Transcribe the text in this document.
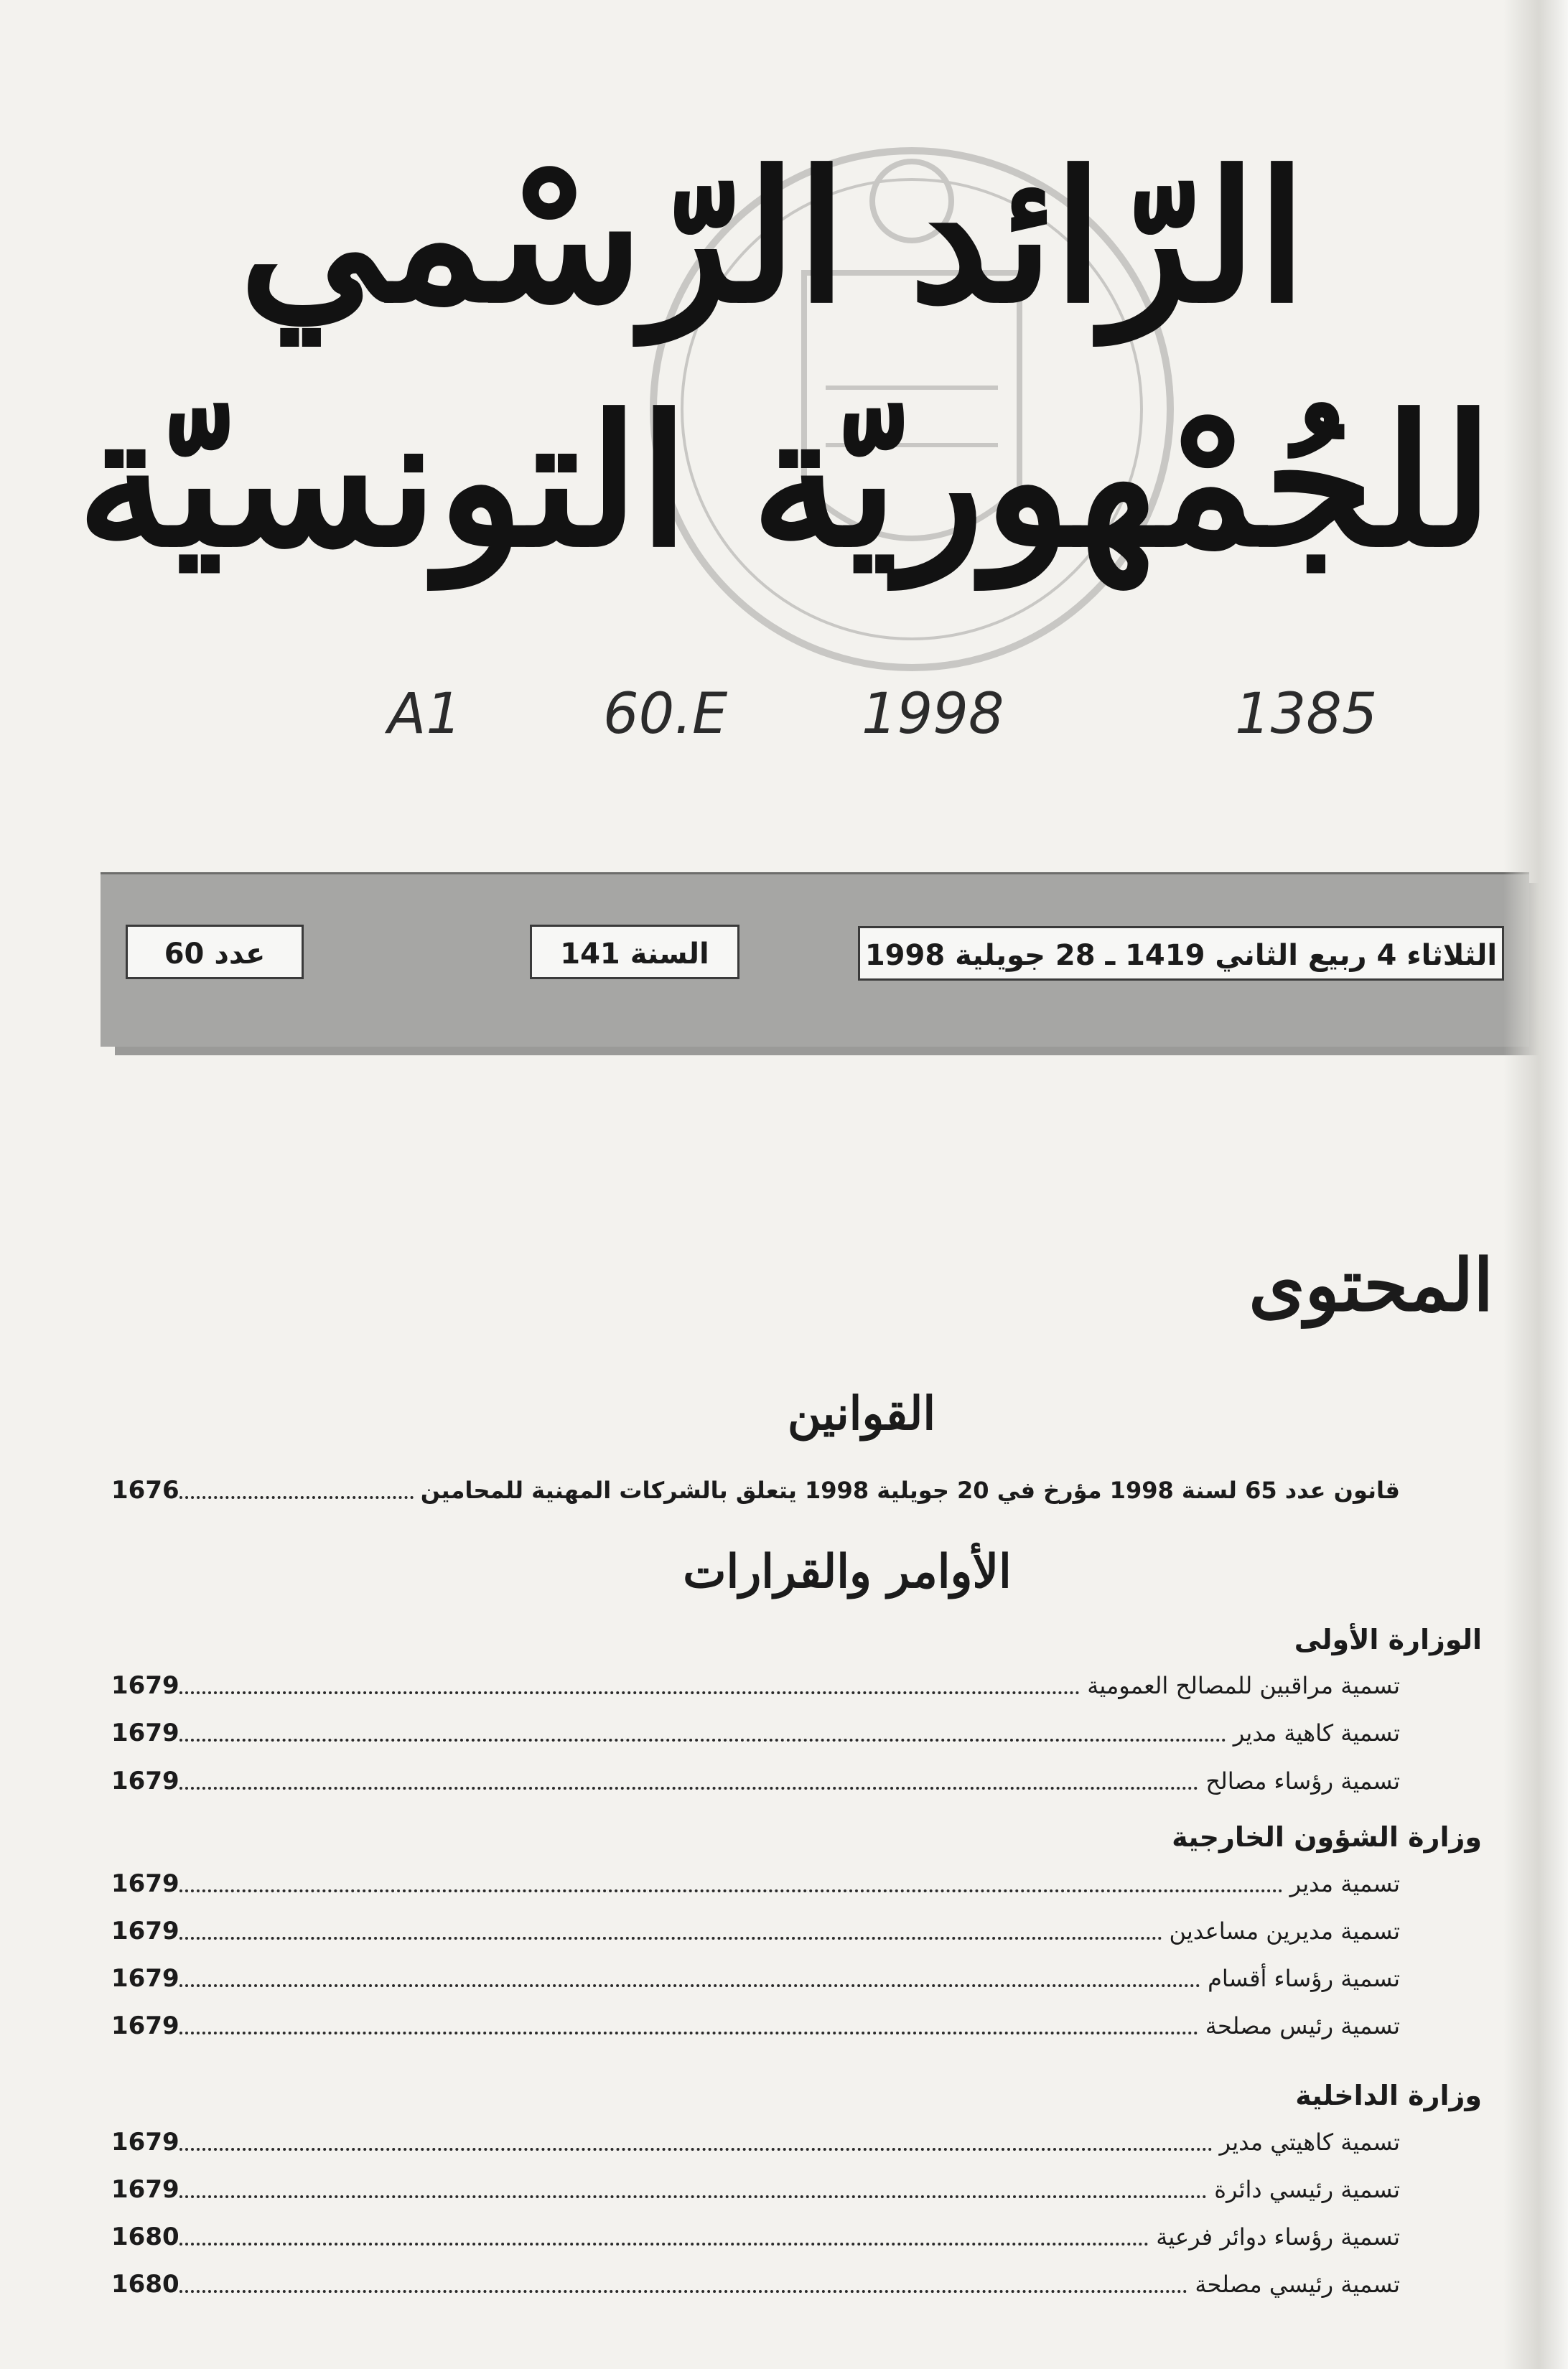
الرّائد الرّسْمي
للجُمْهوريّة التونسيّة
A1	60.E 1998	1385
الثلاثاء 4 ربيع الثاني 1419 ـ 28 جويلية 1998
السنة 141
عدد 60
المحتوى
القوانين
قانون عدد 65 لسنة 1998 مؤرخ في 20 جويلية 1998 يتعلق بالشركات المهنية للمحامين
1676
الأوامر والقرارات
الوزارة الأولى
تسمية مراقبين للمصالح العمومية
1679
تسمية كاهية مدير
1679
تسمية رؤساء مصالح
1679
وزارة الشؤون الخارجية
تسمية مدير
1679
تسمية مديرين مساعدين
1679
تسمية رؤساء أقسام
1679
تسمية رئيس مصلحة
1679
وزارة الداخلية
تسمية كاهيتي مدير
1679
تسمية رئيسي دائرة
1679
تسمية رؤساء دوائر فرعية
1680
تسمية رئيسي مصلحة
1680
